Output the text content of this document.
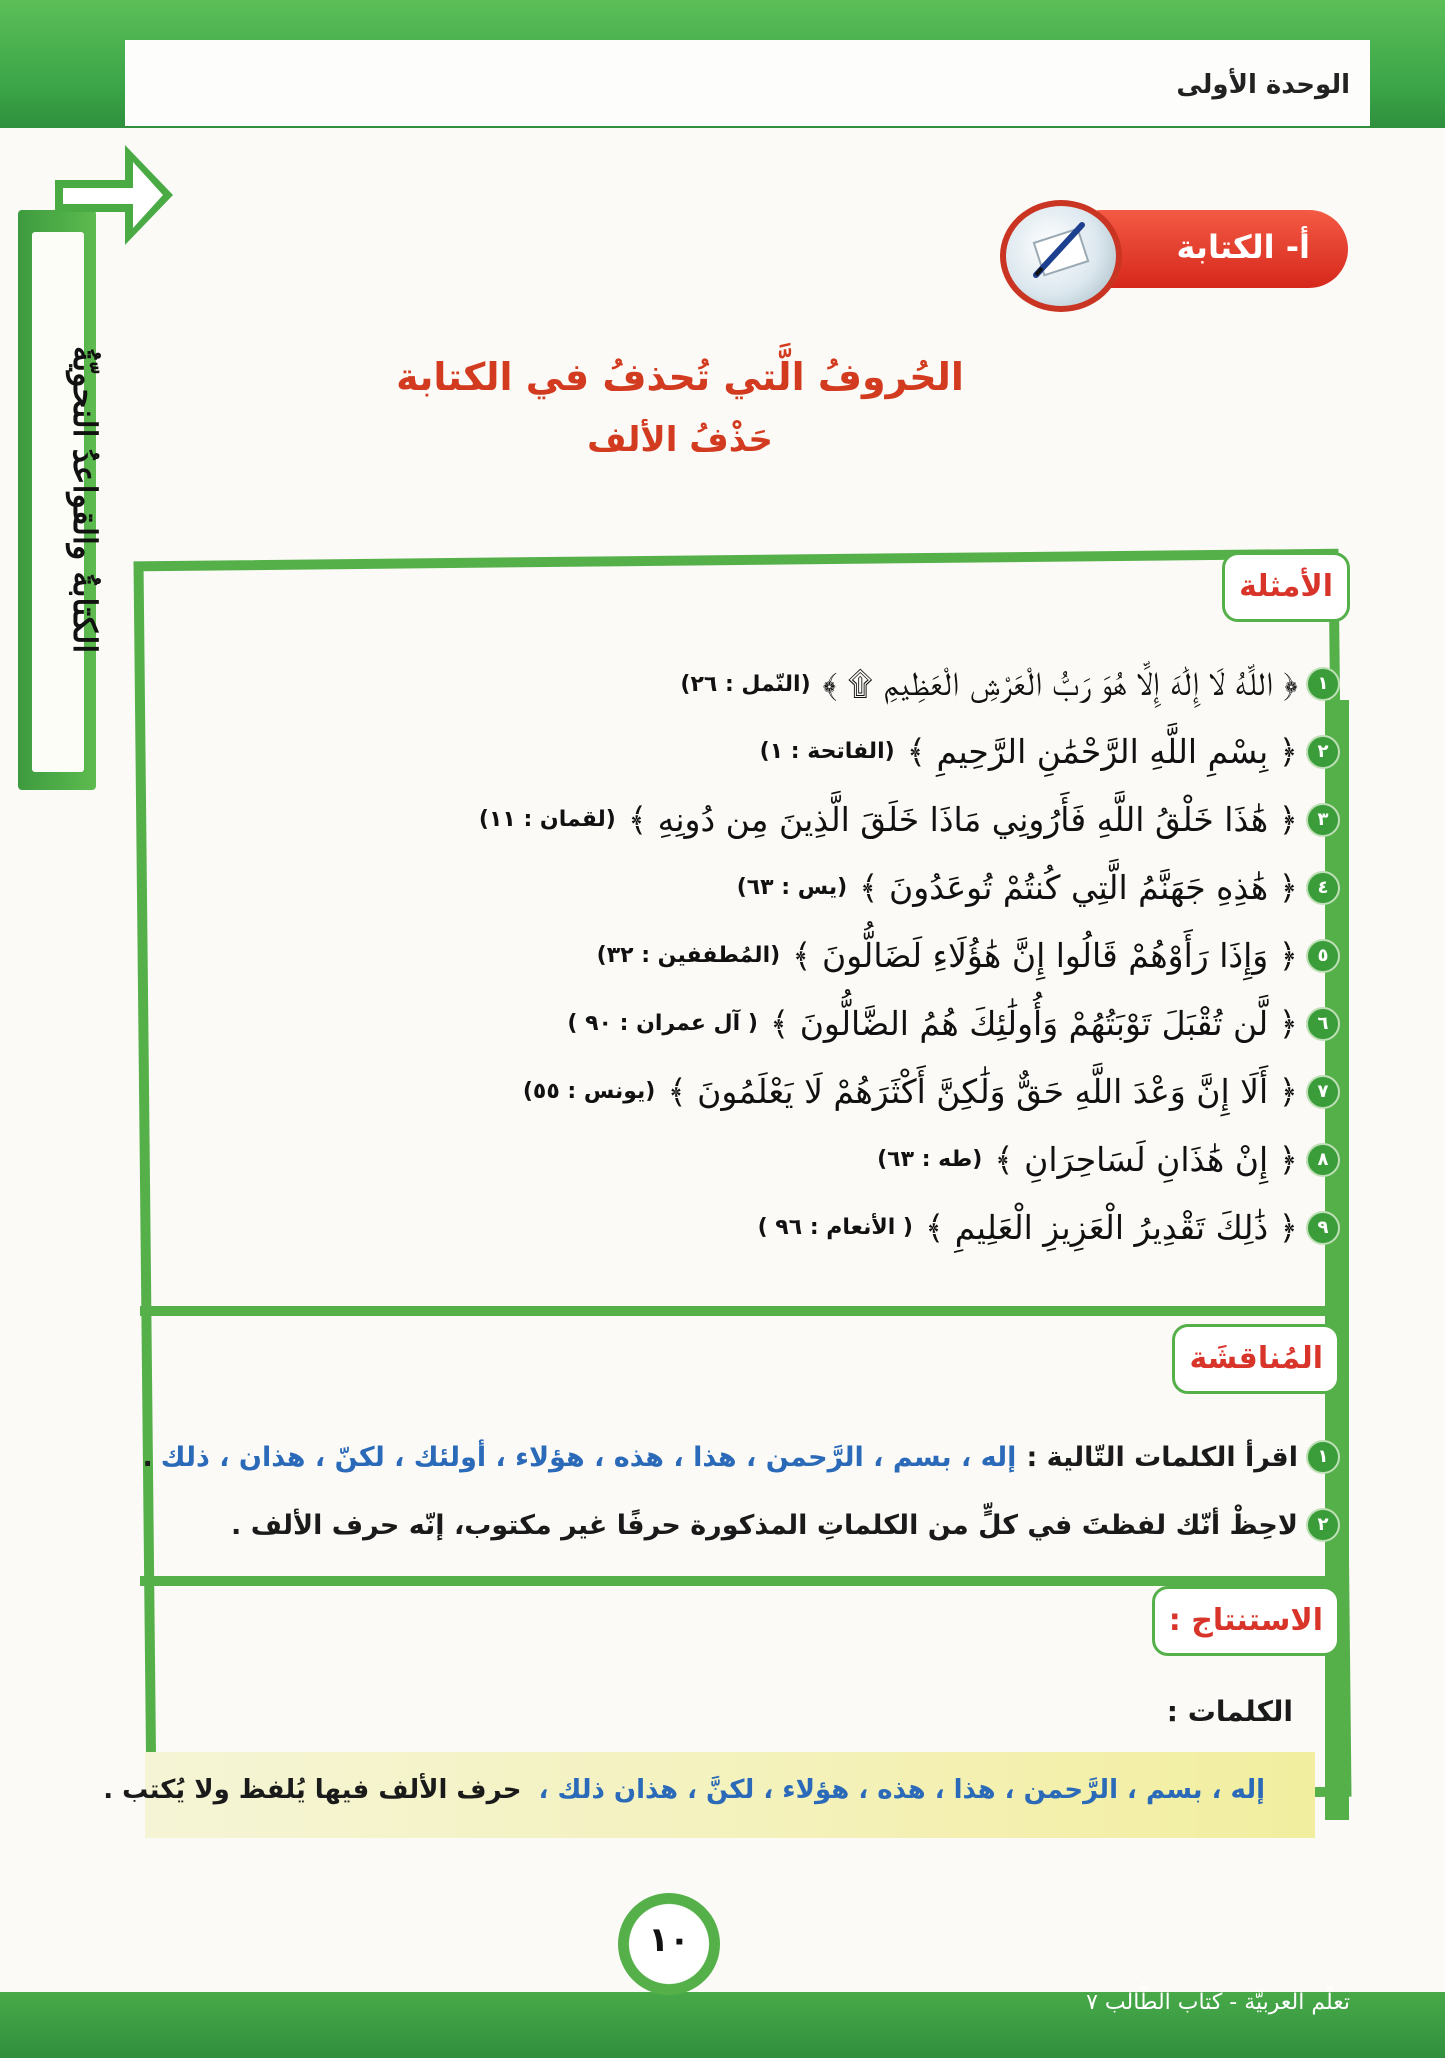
الوحدة الأولى
الكتابةُ والقواعدُ النحويّةُ
أ- الكتابة
الحُروفُ الَّتي تُحذفُ في الكتابة
حَذْفُ الألف
الأمثلة
١
﴿ اللَّهُ لَا إِلَٰهَ إِلَّا هُوَ رَبُّ الْعَرْشِ الْعَظِيمِ ۩ ﴾
(النّمل : ٢٦)
٢
﴿ بِسْمِ اللَّهِ الرَّحْمَٰنِ الرَّحِيمِ ﴾
(الفاتحة : ١)
٣
﴿ هَٰذَا خَلْقُ اللَّهِ فَأَرُونِي مَاذَا خَلَقَ الَّذِينَ مِن دُونِهِ ﴾
(لقمان : ١١)
٤
﴿ هَٰذِهِ جَهَنَّمُ الَّتِي كُنتُمْ تُوعَدُونَ ﴾
(يس : ٦٣)
٥
﴿ وَإِذَا رَأَوْهُمْ قَالُوا إِنَّ هَٰؤُلَاءِ لَضَالُّونَ ﴾
(المُطففين : ٣٢)
٦
﴿ لَّن تُقْبَلَ تَوْبَتُهُمْ وَأُولَٰئِكَ هُمُ الضَّالُّونَ ﴾
( آل عمران : ٩٠ )
٧
﴿ أَلَا إِنَّ وَعْدَ اللَّهِ حَقٌّ وَلَٰكِنَّ أَكْثَرَهُمْ لَا يَعْلَمُونَ ﴾
(يونس : ٥٥)
٨
﴿ إِنْ هَٰذَانِ لَسَاحِرَانِ ﴾
(طه : ٦٣)
٩
﴿ ذَٰلِكَ تَقْدِيرُ الْعَزِيزِ الْعَلِيمِ ﴾
( الأنعام : ٩٦ )
المُناقشَة
١
اقرأ الكلمات التّالية :
إله ، بسم ، الرَّحمن ، هذا ، هذه ، هؤلاء ، أولئك ، لكنّ ، هذان ، ذلك
.
٢
لاحِظْ أنّك لفظتَ في كلٍّ من الكلماتِ المذكورة حرفًا غير مكتوب، إنّه حرف الألف .
الاستنتاج :
الكلمات :
إله ، بسم ، الرَّحمن ، هذا ، هذه ، هؤلاء ، لكنَّ ، هذان ذلك ، حرف الألف فيها يُلفظ ولا يُكتب .
١٠
تعلّم العربيَّة - كتاب الطَّالب ٧
